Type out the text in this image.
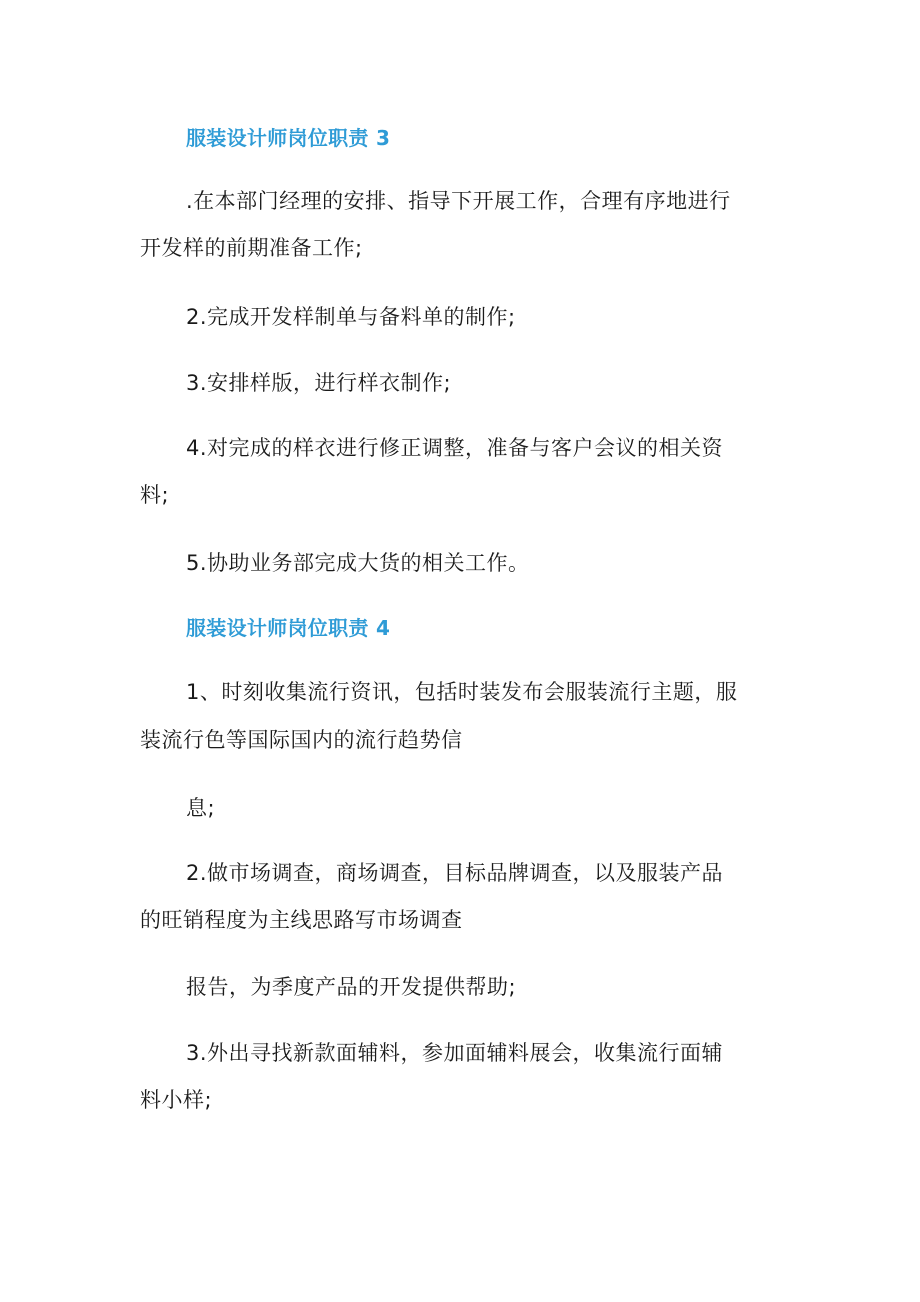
服装设计师岗位职责 3
.在本部门经理的安排、指导下开展工作，合理有序地进行
开发样的前期准备工作;
2.完成开发样制单与备料单的制作;
3.安排样版，进行样衣制作;
4.对完成的样衣进行修正调整，准备与客户会议的相关资
料;
5.协助业务部完成大货的相关工作。
服装设计师岗位职责 4
1、时刻收集流行资讯，包括时装发布会服装流行主题，服
装流行色等国际国内的流行趋势信
息;
2.做市场调查，商场调查，目标品牌调查，以及服装产品
的旺销程度为主线思路写市场调查
报告，为季度产品的开发提供帮助;
3.外出寻找新款面辅料，参加面辅料展会，收集流行面辅
料小样;
